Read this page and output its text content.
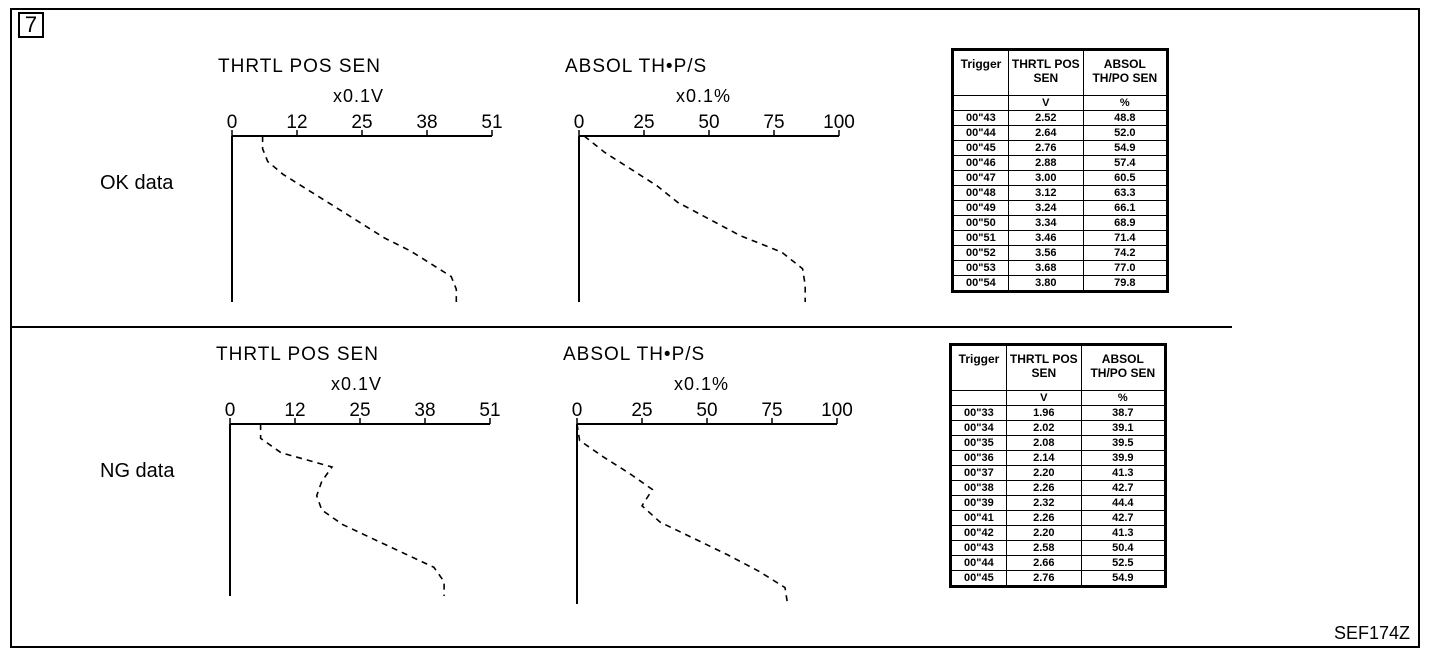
7
SEF174Z
OK data
THRTL POS SEN
x0.1V
ABSOL TH•P/S
x0.1%
NG data
THRTL POS SEN
x0.1V
ABSOL TH•P/S
x0.1%
0	12 25 38 51	0	25 50 75 100
0	12 25 38 51	0	25 50 75 100
Trigger	THRTL POS SEN	ABSOL TH/PO SEN
	V	%
00"43	2.52	48.8
00"44	2.64	52.0
00"45	2.76	54.9
00"46	2.88	57.4
00"47	3.00	60.5
00"48	3.12	63.3
00"49	3.24	66.1
00"50	3.34	68.9
00"51	3.46	71.4
00"52	3.56	74.2
00"53	3.68	77.0
00"54	3.80	79.8
Trigger	THRTL POS SEN	ABSOL TH/PO SEN
	V	%
00"33	1.96	38.7
00"34	2.02	39.1
00"35	2.08	39.5
00"36	2.14	39.9
00"37	2.20	41.3
00"38	2.26	42.7
00"39	2.32	44.4
00"41	2.26	42.7
00"42	2.20	41.3
00"43	2.58	50.4
00"44	2.66	52.5
00"45	2.76	54.9
